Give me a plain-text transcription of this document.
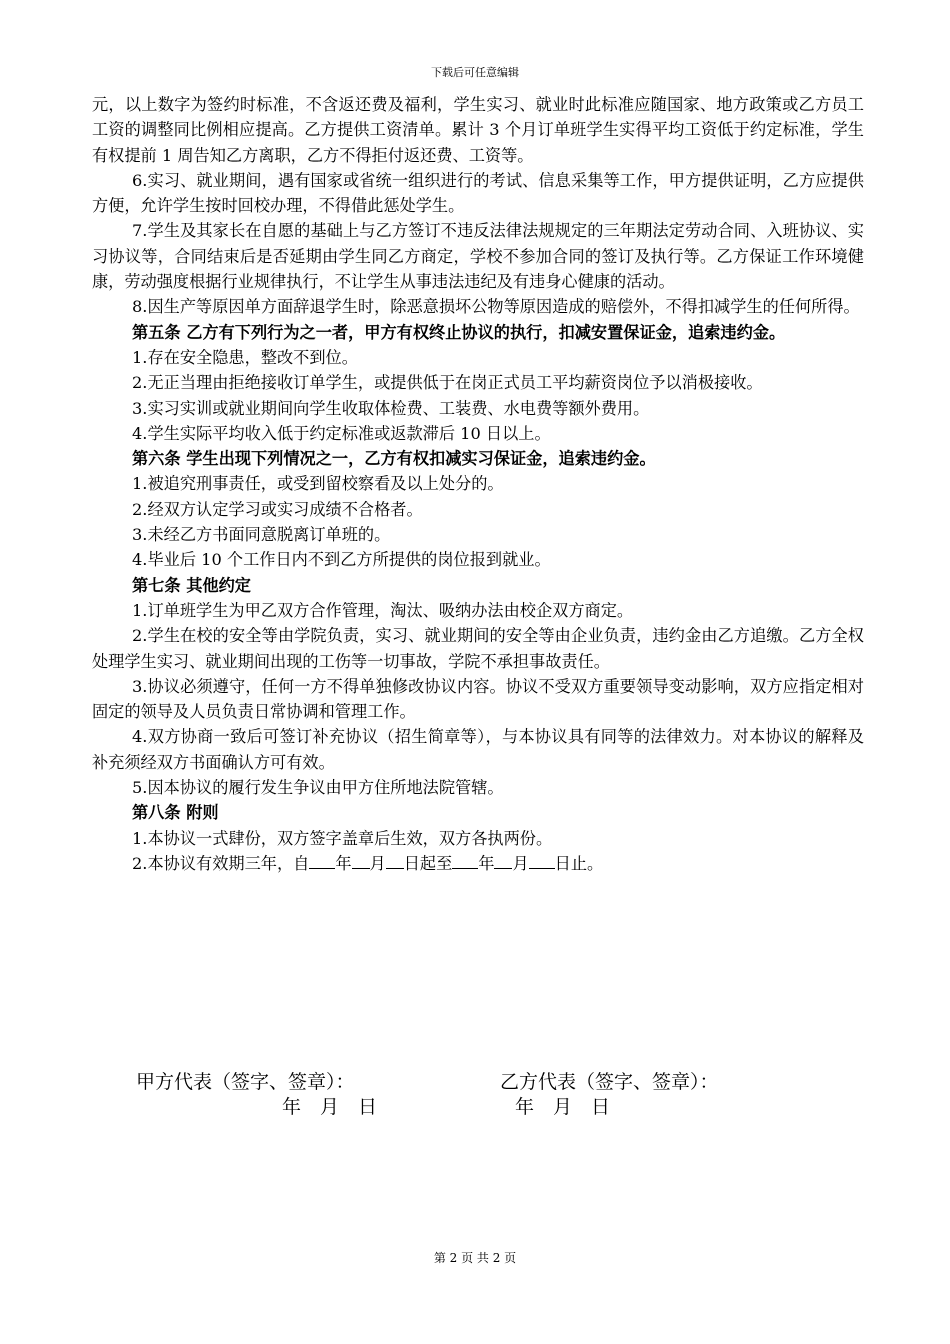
下载后可任意编辑

元，以上数字为签约时标准，不含返还费及福利，学生实习、就业时此标准应随国家、地方政策或乙方员工工资的调整同比例相应提高。乙方提供工资清单。累计 3 个月订单班学生实得平均工资低于约定标准，学生有权提前 1 周告知乙方离职，乙方不得拒付返还费、工资等。

6.实习、就业期间，遇有国家或省统一组织进行的考试、信息采集等工作，甲方提供证明，乙方应提供方便，允许学生按时回校办理，不得借此惩处学生。

7.学生及其家长在自愿的基础上与乙方签订不违反法律法规规定的三年期法定劳动合同、入班协议、实习协议等，合同结束后是否延期由学生同乙方商定，学校不参加合同的签订及执行等。乙方保证工作环境健康，劳动强度根据行业规律执行，不让学生从事违法违纪及有违身心健康的活动。

8.因生产等原因单方面辞退学生时，除恶意损坏公物等原因造成的赔偿外，不得扣减学生的任何所得。

第五条 乙方有下列行为之一者，甲方有权终止协议的执行，扣减安置保证金，追索违约金。

1.存在安全隐患，整改不到位。

2.无正当理由拒绝接收订单学生，或提供低于在岗正式员工平均薪资岗位予以消极接收。

3.实习实训或就业期间向学生收取体检费、工装费、水电费等额外费用。

4.学生实际平均收入低于约定标准或返款滞后 10 日以上。

第六条 学生出现下列情况之一，乙方有权扣减实习保证金，追索违约金。

1.被追究刑事责任，或受到留校察看及以上处分的。

2.经双方认定学习或实习成绩不合格者。

3.未经乙方书面同意脱离订单班的。

4.毕业后 10 个工作日内不到乙方所提供的岗位报到就业。

第七条 其他约定

1.订单班学生为甲乙双方合作管理，淘汰、吸纳办法由校企双方商定。

2.学生在校的安全等由学院负责，实习、就业期间的安全等由企业负责，违约金由乙方追缴。乙方全权处理学生实习、就业期间出现的工伤等一切事故，学院不承担事故责任。

3.协议必须遵守，任何一方不得单独修改协议内容。协议不受双方重要领导变动影响，双方应指定相对固定的领导及人员负责日常协调和管理工作。

4.双方协商一致后可签订补充协议（招生简章等），与本协议具有同等的法律效力。对本协议的解释及补充须经双方书面确认方可有效。

5.因本协议的履行发生争议由甲方住所地法院管辖。

第八条 附则

1.本协议一式肆份，双方签字盖章后生效，双方各执两份。

2.本协议有效期三年，自 年 月 日起至 年 月 日止。

甲方代表（签字、签章）：	乙方代表（签字、签章）：
年　月　日	年　月　日
第 2 页 共 2 页
